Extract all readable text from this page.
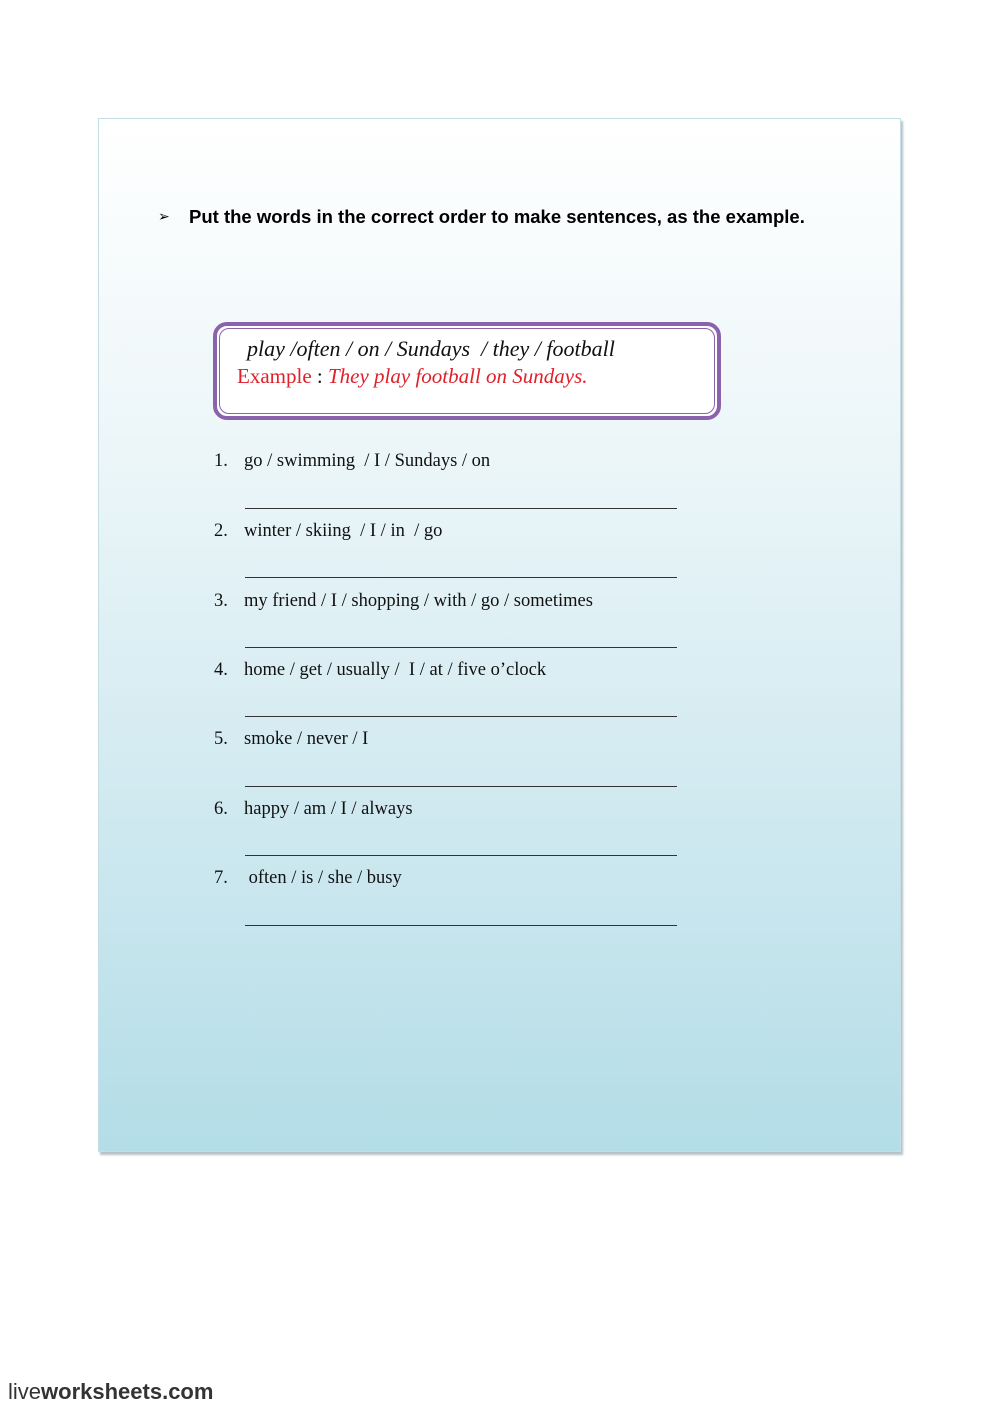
➢	Put the words in the correct order to make sentences, as the example.
play /often / on / Sundays  / they / football
Example : They play football on Sundays.
1. go / swimming  / I / Sundays / on
2. winter / skiing  / I / in  / go
3. my friend / I / shopping / with / go / sometimes
4. home / get / usually /  I / at / five o’clock
5. smoke / never / I
6. happy / am / I / always
7. often / is / she / busy
liveworksheets.com
